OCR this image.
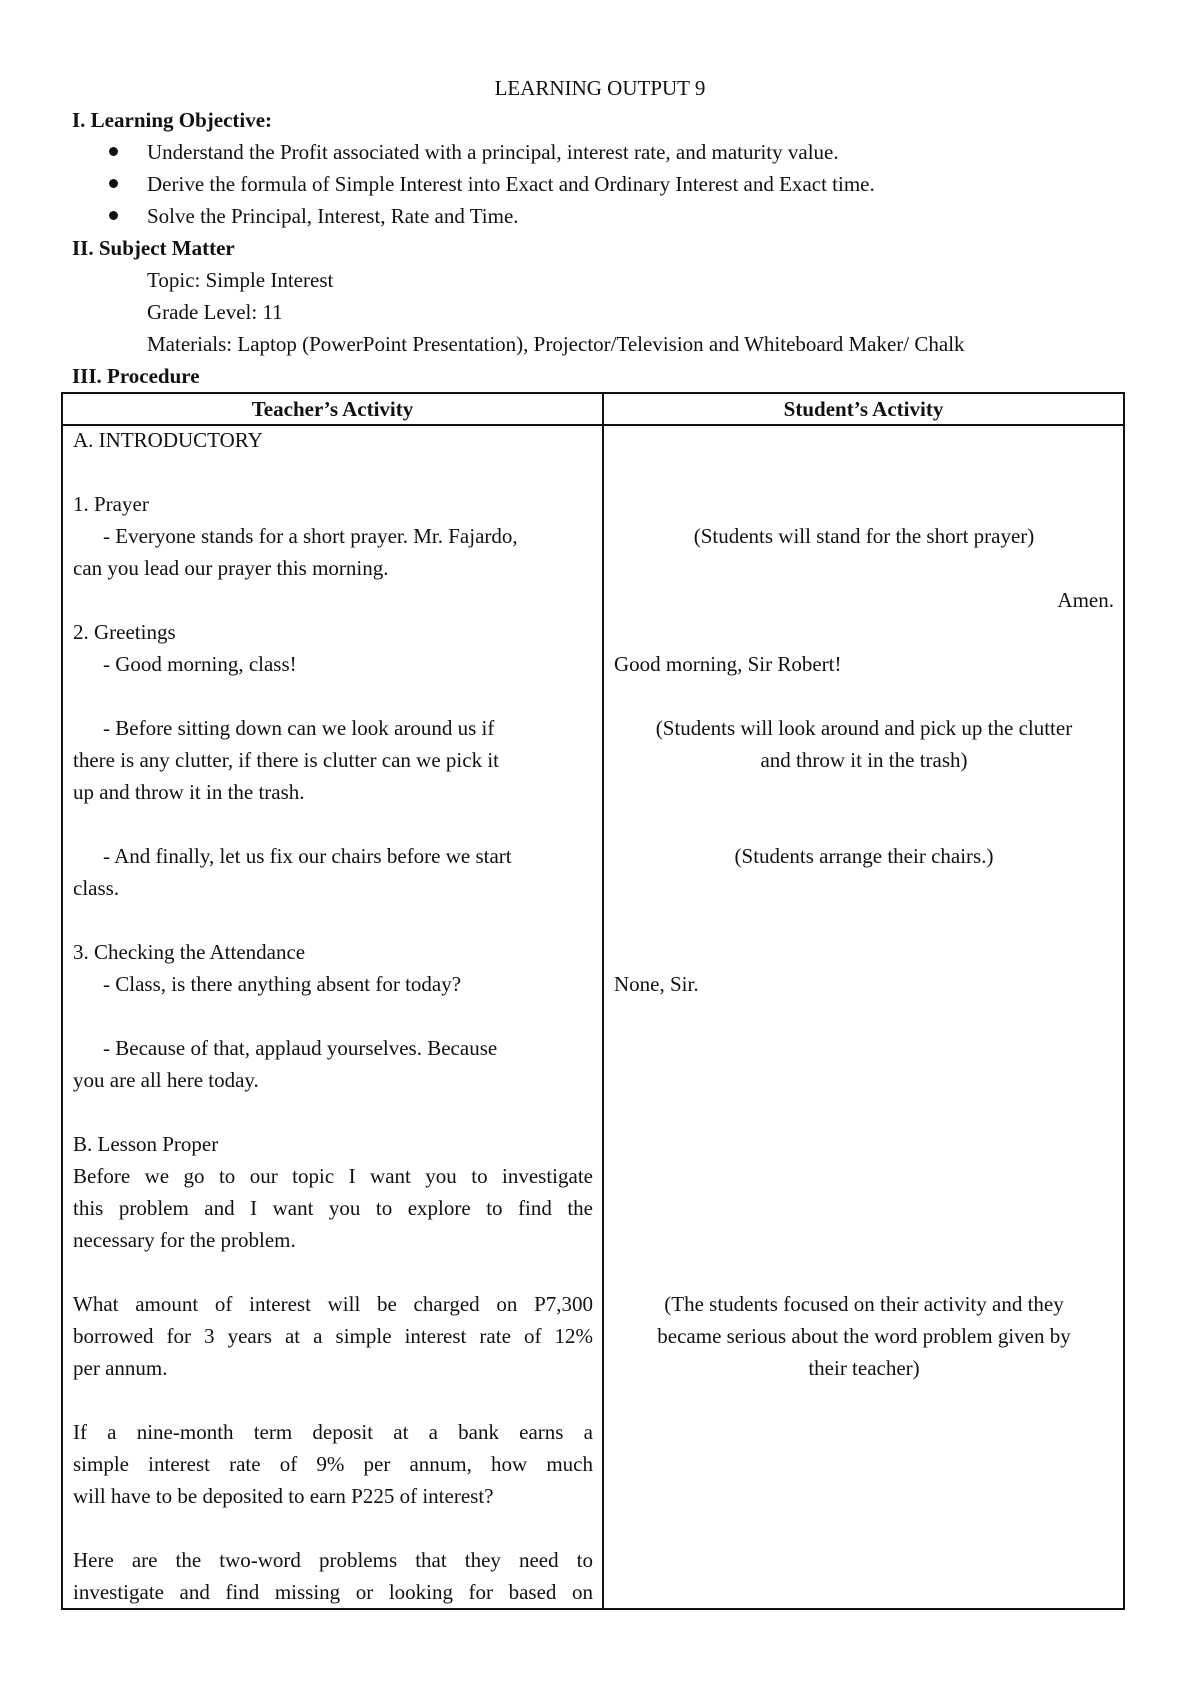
LEARNING OUTPUT 9
I. Learning Objective:
Understand the Profit associated with a principal, interest rate, and maturity value.
Derive the formula of Simple Interest into Exact and Ordinary Interest and Exact time.
Solve the Principal, Interest, Rate and Time.
II. Subject Matter
Topic: Simple Interest
Grade Level: 11
Materials: Laptop (PowerPoint Presentation), Projector/Television and Whiteboard Maker/ Chalk
III. Procedure
Teacher’s Activity	Student’s Activity
A. INTRODUCTORY
1. Prayer
- Everyone stands for a short prayer. Mr. Fajardo,
can you lead our prayer this morning.
2. Greetings
- Good morning, class!
- Before sitting down can we look around us if
there is any clutter, if there is clutter can we pick it
up and throw it in the trash.
- And finally, let us fix our chairs before we start
class.
3. Checking the Attendance
- Class, is there anything absent for today?
- Because of that, applaud yourselves. Because
you are all here today.
B. Lesson Proper
Before we go to our topic I want you to investigate
this problem and I want you to explore to find the
necessary for the problem.
What amount of interest will be charged on P7,300
borrowed for 3 years at a simple interest rate of 12%
per annum.
If a nine-month term deposit at a bank earns a
simple interest rate of 9% per annum, how much
will have to be deposited to earn P225 of interest?
Here are the two-word problems that they need to
investigate and find missing or looking for based on
(Students will stand for the short prayer)
Amen.
Good morning, Sir Robert!
(Students will look around and pick up the clutter
and throw it in the trash)
(Students arrange their chairs.)
None, Sir.
(The students focused on their activity and they
became serious about the word problem given by
their teacher)
